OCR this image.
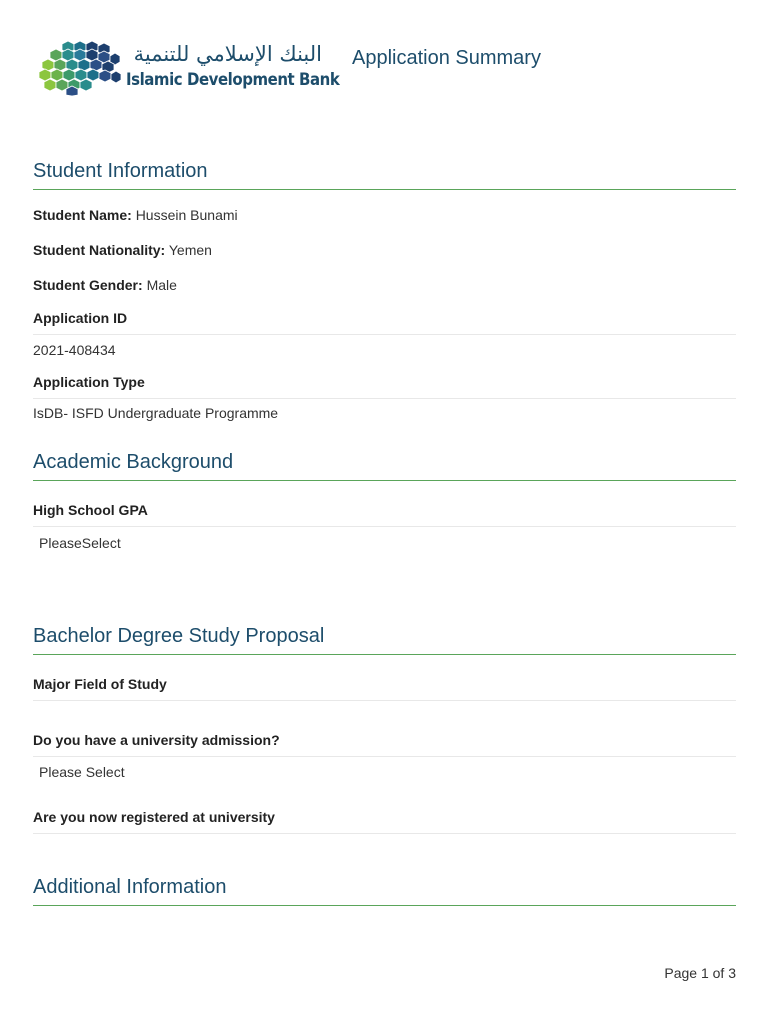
البنك الإسلامي للتنمية
Islamic Development Bank
Application Summary
Student Information
Student Name: Hussein Bunami
Student Nationality: Yemen
Student Gender: Male
Application ID
2021-408434
Application Type
IsDB- ISFD Undergraduate Programme
Academic Background
High School GPA
PleaseSelect
Bachelor Degree Study Proposal
Major Field of Study
Do you have a university admission?
Please Select
Are you now registered at university
Additional Information
Page 1 of 3
